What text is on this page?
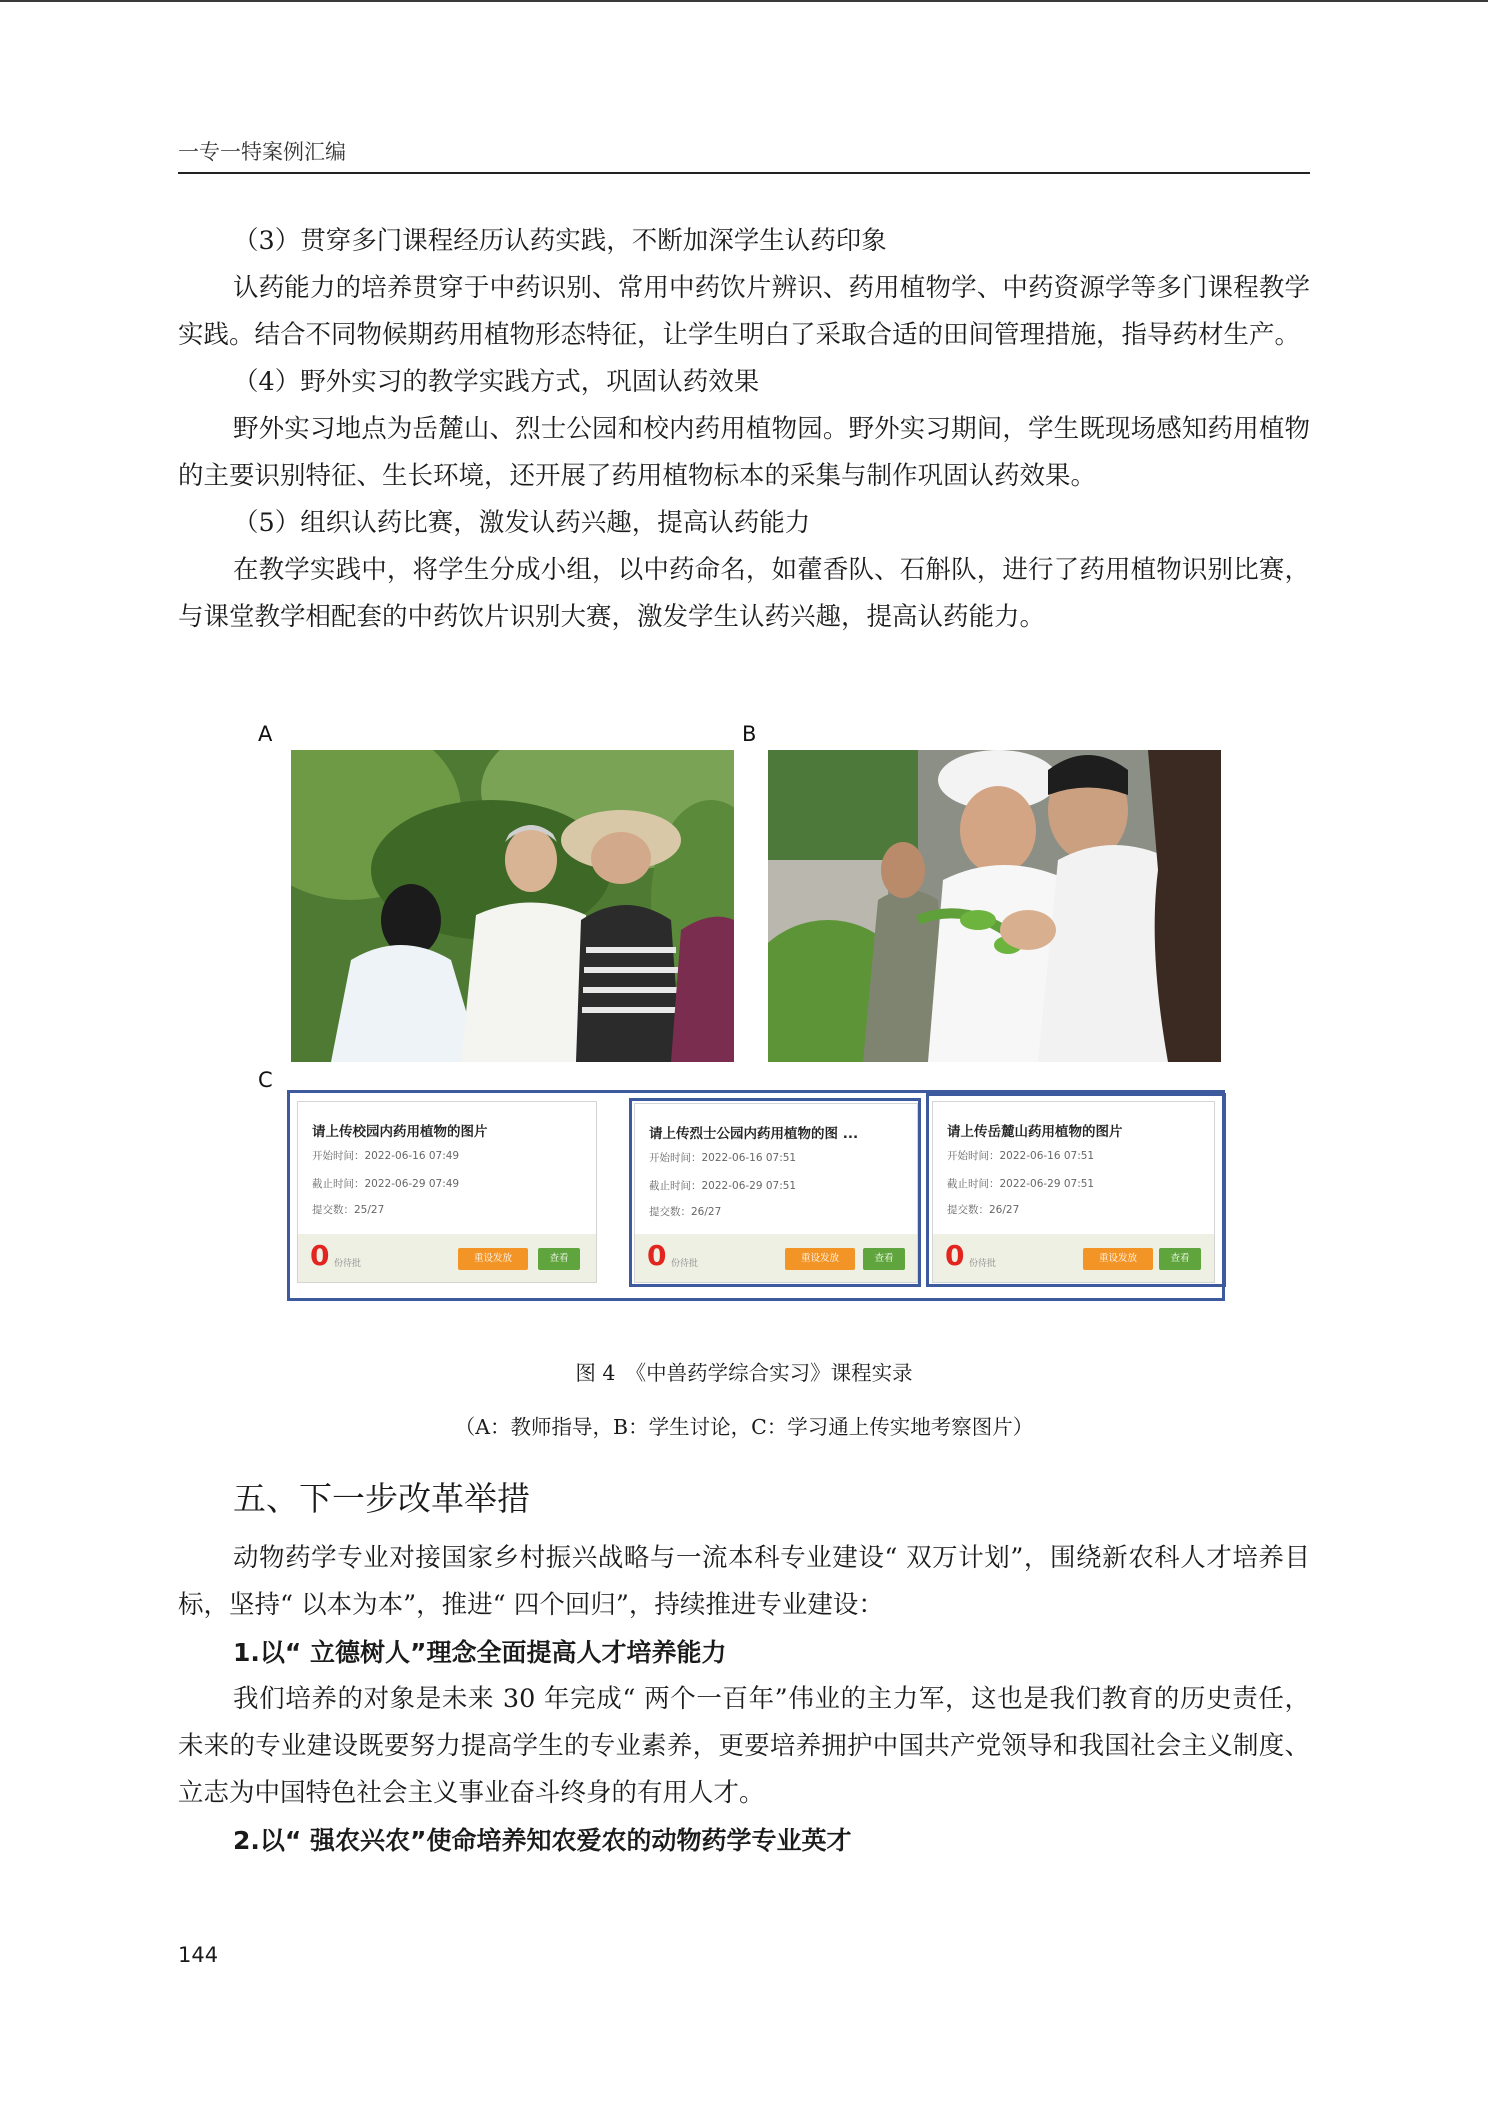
一专一特案例汇编

（3）贯穿多门课程经历认药实践，不断加深学生认药印象

认药能力的培养贯穿于中药识别、常用中药饮片辨识、药用植物学、中药资源学等多门课程教学实践。结合不同物候期药用植物形态特征，让学生明白了采取合适的田间管理措施，指导药材生产。

（4）野外实习的教学实践方式，巩固认药效果

野外实习地点为岳麓山、烈士公园和校内药用植物园。野外实习期间，学生既现场感知药用植物的主要识别特征、生长环境，还开展了药用植物标本的采集与制作巩固认药效果。

（5）组织认药比赛，激发认药兴趣，提高认药能力

在教学实践中，将学生分成小组，以中药命名，如藿香队、石斛队，进行了药用植物识别比赛，与课堂教学相配套的中药饮片识别大赛，激发学生认药兴趣，提高认药能力。

A	B
C
请上传校园内药用植物的图片
开始时间：2022-06-16 07:49
截止时间：2022-06-29 07:49
提交数：25/27
0 份待批	重设发放	查看
请上传烈士公园内药用植物的图 ...
开始时间：2022-06-16 07:51
截止时间：2022-06-29 07:51
提交数：26/27
0 份待批	重设发放	查看
请上传岳麓山药用植物的图片
开始时间：2022-06-16 07:51
截止时间：2022-06-29 07:51
提交数：26/27
0 份待批	重设发放	查看
图 4　《中兽药学综合实习》课程实录
（A：教师指导，B：学生讨论，C：学习通上传实地考察图片）
五、下一步改革举措

动物药学专业对接国家乡村振兴战略与一流本科专业建设“ 双万计划”，围绕新农科人才培养目标，坚持“ 以本为本”，推进“ 四个回归”，持续推进专业建设：

1.以“ 立德树人”理念全面提高人才培养能力

我们培养的对象是未来 30 年完成“ 两个一百年”伟业的主力军，这也是我们教育的历史责任，未来的专业建设既要努力提高学生的专业素养，更要培养拥护中国共产党领导和我国社会主义制度、立志为中国特色社会主义事业奋斗终身的有用人才。

2.以“ 强农兴农”使命培养知农爱农的动物药学专业英才

144
